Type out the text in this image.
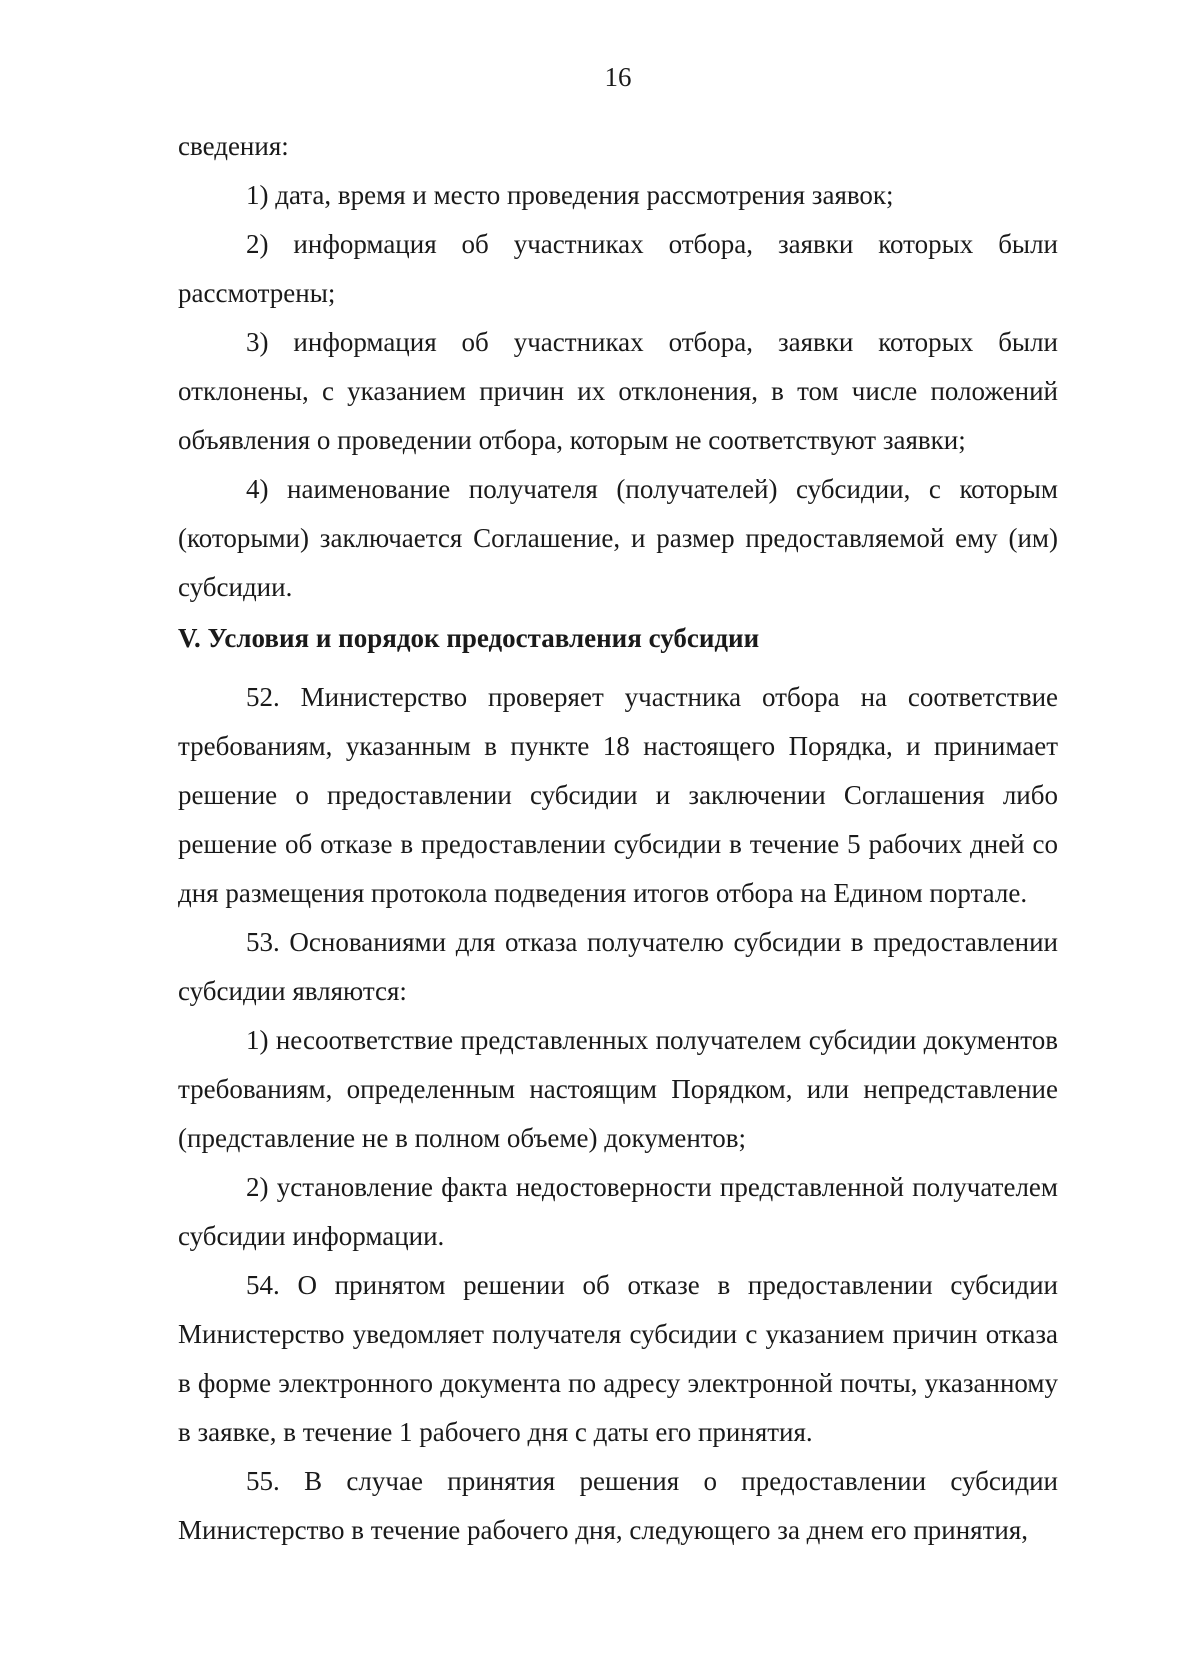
16

сведения:

1) дата, время и место проведения рассмотрения заявок;

2) информация об участниках отбора, заявки которых были рассмотрены;

3) информация об участниках отбора, заявки которых были отклонены, с указанием причин их отклонения, в том числе положений объявления о проведении отбора, которым не соответствуют заявки;

4) наименование получателя (получателей) субсидии, с которым (которыми) заключается Соглашение, и размер предоставляемой ему (им) субсидии.

V. Условия и порядок предоставления субсидии

52. Министерство проверяет участника отбора на соответствие требованиям, указанным в пункте 18 настоящего Порядка, и принимает решение о предоставлении субсидии и заключении Соглашения либо решение об отказе в предоставлении субсидии в течение 5 рабочих дней со дня размещения протокола подведения итогов отбора на Едином портале.

53. Основаниями для отказа получателю субсидии в предоставлении субсидии являются:

1) несоответствие представленных получателем субсидии документов требованиям, определенным настоящим Порядком, или непредставление (представление не в полном объеме) документов;

2) установление факта недостоверности представленной получателем субсидии информации.

54. О принятом решении об отказе в предоставлении субсидии Министерство уведомляет получателя субсидии с указанием причин отказа в форме электронного документа по адресу электронной почты, указанному в заявке, в течение 1 рабочего дня с даты его принятия.

55. В случае принятия решения о предоставлении субсидии Министерство в течение рабочего дня, следующего за днем его принятия,
